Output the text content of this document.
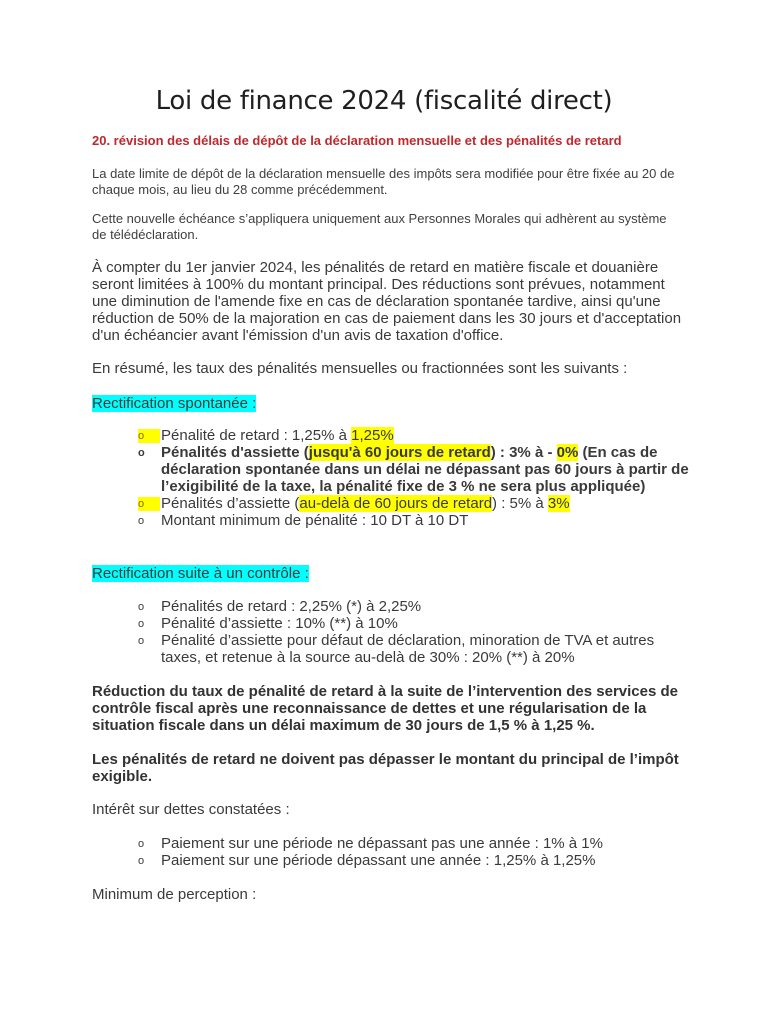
Loi de finance 2024 (fiscalité direct)

20. révision des délais de dépôt de la déclaration mensuelle et des pénalités de retard

La date limite de dépôt de la déclaration mensuelle des impôts sera modifiée pour être fixée au 20 de chaque mois, au lieu du 28 comme précédemment.

Cette nouvelle échéance s’appliquera uniquement aux Personnes Morales qui adhèrent au système de télédéclaration.

À compter du 1er janvier 2024, les pénalités de retard en matière fiscale et douanière seront limitées à 100% du montant principal. Des réductions sont prévues, notamment une diminution de l'amende fixe en cas de déclaration spontanée tardive, ainsi qu'une réduction de 50% de la majoration en cas de paiement dans les 30 jours et d'acceptation d'un échéancier avant l'émission d'un avis de taxation d'office.

En résumé, les taux des pénalités mensuelles ou fractionnées sont les suivants :

Rectification spontanée :

o	Pénalité de retard : 1,25% à 1,25%
o	Pénalités d'assiette (jusqu'à 60 jours de retard) : 3% à - 0% (En cas de déclaration spontanée dans un délai ne dépassant pas 60 jours à partir de l’exigibilité de la taxe, la pénalité fixe de 3 % ne sera plus appliquée)
o	Pénalités d’assiette (au-delà de 60 jours de retard) : 5% à 3%
o	Montant minimum de pénalité : 10 DT à 10 DT

Rectification suite à un contrôle :

o	Pénalités de retard : 2,25% (*) à 2,25%
o	Pénalité d’assiette : 10% (**) à 10%
o	Pénalité d’assiette pour défaut de déclaration, minoration de TVA et autres taxes, et retenue à la source au-delà de 30% : 20% (**) à 20%

Réduction du taux de pénalité de retard à la suite de l’intervention des services de contrôle fiscal après une reconnaissance de dettes et une régularisation de la situation fiscale dans un délai maximum de 30 jours de 1,5 % à 1,25 %.

Les pénalités de retard ne doivent pas dépasser le montant du principal de l’impôt exigible.

Intérêt sur dettes constatées :

o	Paiement sur une période ne dépassant pas une année : 1% à 1%
o	Paiement sur une période dépassant une année : 1,25% à 1,25%

Minimum de perception :
